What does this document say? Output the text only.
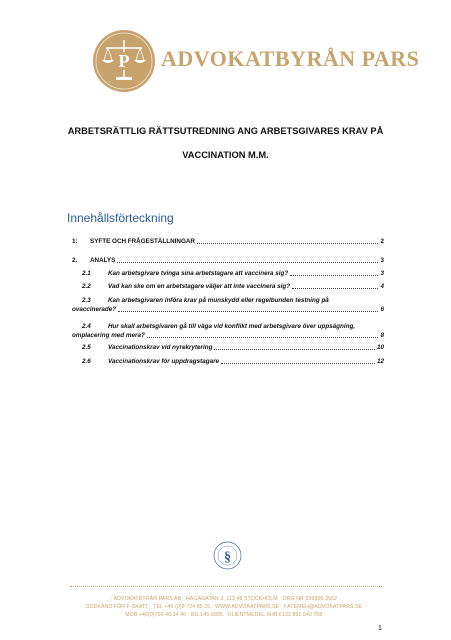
P ADVOKATBYRÅN PARS
ARBETSRÄTTLIG RÄTTSUTREDNING ANG ARBETSGIVARES KRAV PÅ
VACCINATION M.M.
Innehållsförteckning
1: SYFTE OCH FRÅGESTÄLLNINGAR	2
2. ANALYS	3
2.1	Kan arbetsgivare tvinga sina arbetstagare att vaccinera sig?	3
2.2	Vad kan ske om en arbetstagare väljer att inte vaccinera sig?	4
2.3	Kan arbetsgivaren införa krav på munskydd eller regelbunden testning på
ovaccinerade?	6
2.4	Hur skall arbetsgivaren gå till väga vid konflikt med arbetsgivare över uppsägning,
omplacering med mera?	8
2.5	Vaccinationskrav vid nyrekrytering	10
2.6	Vaccinationskrav för uppdragstagare	12
§
· ADVOKATBYRÅN PARS AB · HAGAGATAN 3, 113 48 STOCKHOLM · ORG NR 556906-3562 ·
GODKÄND FÖR F-SKATT · TEL +46 (0)8 724 85 25 · WWW.ADVOKATPARS.SE · FATEMEH@ADVOKATPARS.SE ·
MOB +46(0)700 48 34 46 · BG 146-6895 · KLIENTMEDEL SHB 6133 851 540 708 ·
1
